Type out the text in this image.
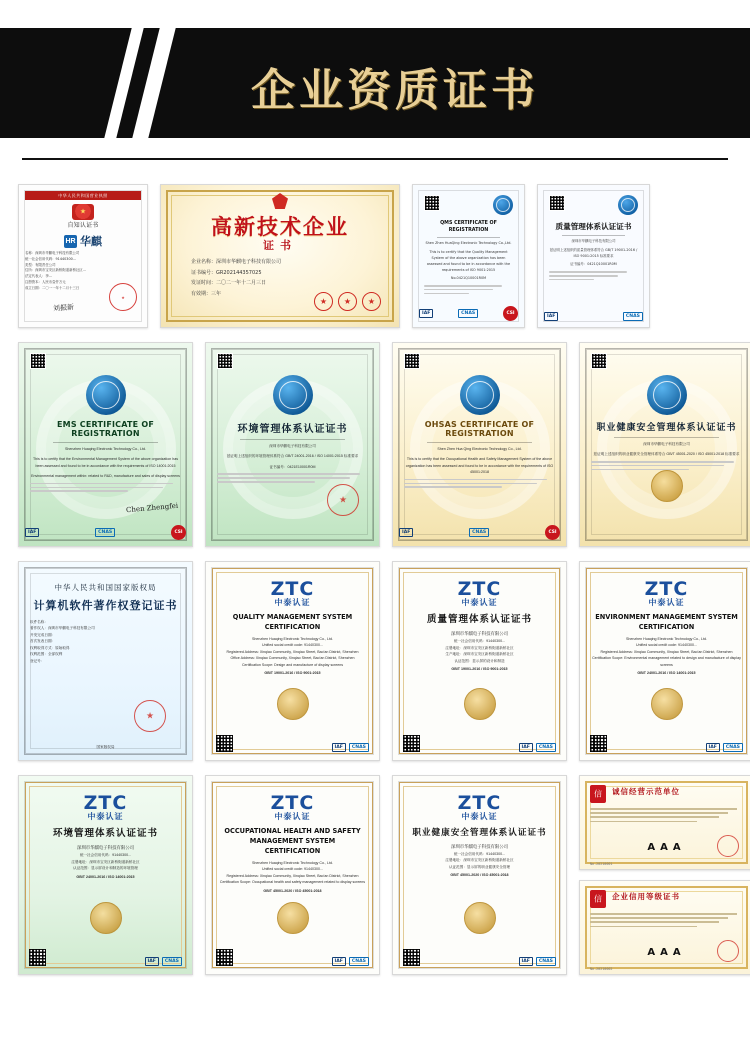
企业资质证书
中华人民共和国营业执照
★
自知认证书
HR 华麒
名称：深圳市华麒电子科技有限公司
统一社会信用代码：91440300...
类型：有限责任公司
住所：深圳市宝安区新桥街道新桥社区...
法定代表人：李...
注册资本：人民币壹仟万元
成立日期：二〇一一年十二月十三日
刘振新
★
高新技术企业
证书
企业名称：深圳市华麒电子科技有限公司
证书编号：GR202144357025
发证时间：二〇二一年十二月三日
有效期：三年
★	★	★
QMS CERTIFICATE OF REGISTRATION
Shen Zhen HuaQing Electronic Technology Co.,Ltd.
This is to certify that the Quality Management System of the above organization has been assessed and found to be in accordance with the requirements of ISO 9001:2015
No.0421Q10001R0M
IAF	CNAS	CSI
质量管理体系认证证书
深圳市华麒电子科技有限公司
兹证明上述组织的质量管理体系符合 GB/T 19001-2016 / ISO 9001:2015 标准要求
证书编号：0421Q10001R0M
IAF	CNAS
EMS CERTIFICATE OF REGISTRATION
Shenzhen Huaqing Electronic Technology Co., Ltd.
This is to certify that the Environmental Management System of the above organization has been assessed and found to be in accordance with the requirements of ISO 14001:2015
Environmental management within: related to R&D, manufacture and sales of display screens
Chen Zhengfei
IAF	CNAS	CSI
环境管理体系认证证书
深圳市华麒电子科技有限公司
兹证明上述组织的环境管理体系符合 GB/T 24001-2016 / ISO 14001:2015 标准要求
证书编号：0421E10001R0M
★
OHSAS CERTIFICATE OF REGISTRATION
Shen Zhen Hua Qing Electronic Technology Co., Ltd.
This is to certify that the Occupational Health and Safety Management System of the above organization has been assessed and found to be in accordance with the requirements of ISO 45001:2018
IAF	CNAS	CSI
职业健康安全管理体系认证证书
深圳市华麒电子科技有限公司
兹证明上述组织的职业健康安全管理体系符合 GB/T 45001-2020 / ISO 45001:2018 标准要求
中华人民共和国国家版权局
计算机软件著作权登记证书
软件名称：
著作权人：深圳市华麒电子科技有限公司
开发完成日期：
首次发表日期：
权利取得方式：原始取得
权利范围：全部权利
登记号：
国家版权局
★
ZTC
中泰认证
QUALITY MANAGEMENT SYSTEM CERTIFICATION
Shenzhen Huaqing Electronic Technology Co., Ltd.
Unified social credit code: 91440300...
Registered Address: Xinqiao Community, Xinqiao Street, Bao'an District, Shenzhen
Office Address: Xinqiao Community, Xinqiao Street, Bao'an District, Shenzhen
Certification Scope: Design and manufacture of display screens
GB/T 19001-2016 / ISO 9001:2015
IAF	CNAS
ZTC
中泰认证
质量管理体系认证证书
深圳市华麒电子科技有限公司
统一社会信用代码：91440300...
注册地址：深圳市宝安区新桥街道新桥社区
生产地址：深圳市宝安区新桥街道新桥社区
认证范围：显示屏的设计和制造
GB/T 19001-2016 / ISO 9001:2015
IAF	CNAS
ZTC
中泰认证
ENVIRONMENT MANAGEMENT SYSTEM CERTIFICATION
Shenzhen Huaqing Electronic Technology Co., Ltd.
Unified social credit code: 91440300...
Registered Address: Xinqiao Community, Xinqiao Street, Bao'an District, Shenzhen
Certification Scope: Environmental management related to design and manufacture of display screens
GB/T 24001-2016 / ISO 14001:2015
IAF	CNAS
ZTC
中泰认证
环境管理体系认证证书
深圳市华麒电子科技有限公司
统一社会信用代码：91440300...
注册地址：深圳市宝安区新桥街道新桥社区
认证范围：显示屏设计和制造的环境管理
GB/T 24001-2016 / ISO 14001:2015
IAF	CNAS
ZTC
中泰认证
OCCUPATIONAL HEALTH AND SAFETY MANAGEMENT SYSTEM CERTIFICATION
Shenzhen Huaqing Electronic Technology Co., Ltd.
Unified social credit code: 91440300...
Registered Address: Xinqiao Community, Xinqiao Street, Bao'an District, Shenzhen
Certification Scope: Occupational health and safety management related to display screens
GB/T 45001-2020 / ISO 45001:2018
IAF	CNAS
ZTC
中泰认证
职业健康安全管理体系认证证书
深圳市华麒电子科技有限公司
统一社会信用代码：91440300...
注册地址：深圳市宝安区新桥街道新桥社区
认证范围：显示屏的职业健康安全管理
GB/T 45001-2020 / ISO 45001:2018
IAF	CNAS
信
诚信经营示范单位
AAA
No.20210001
信
企业信用等级证书
AAA
No.20210002
